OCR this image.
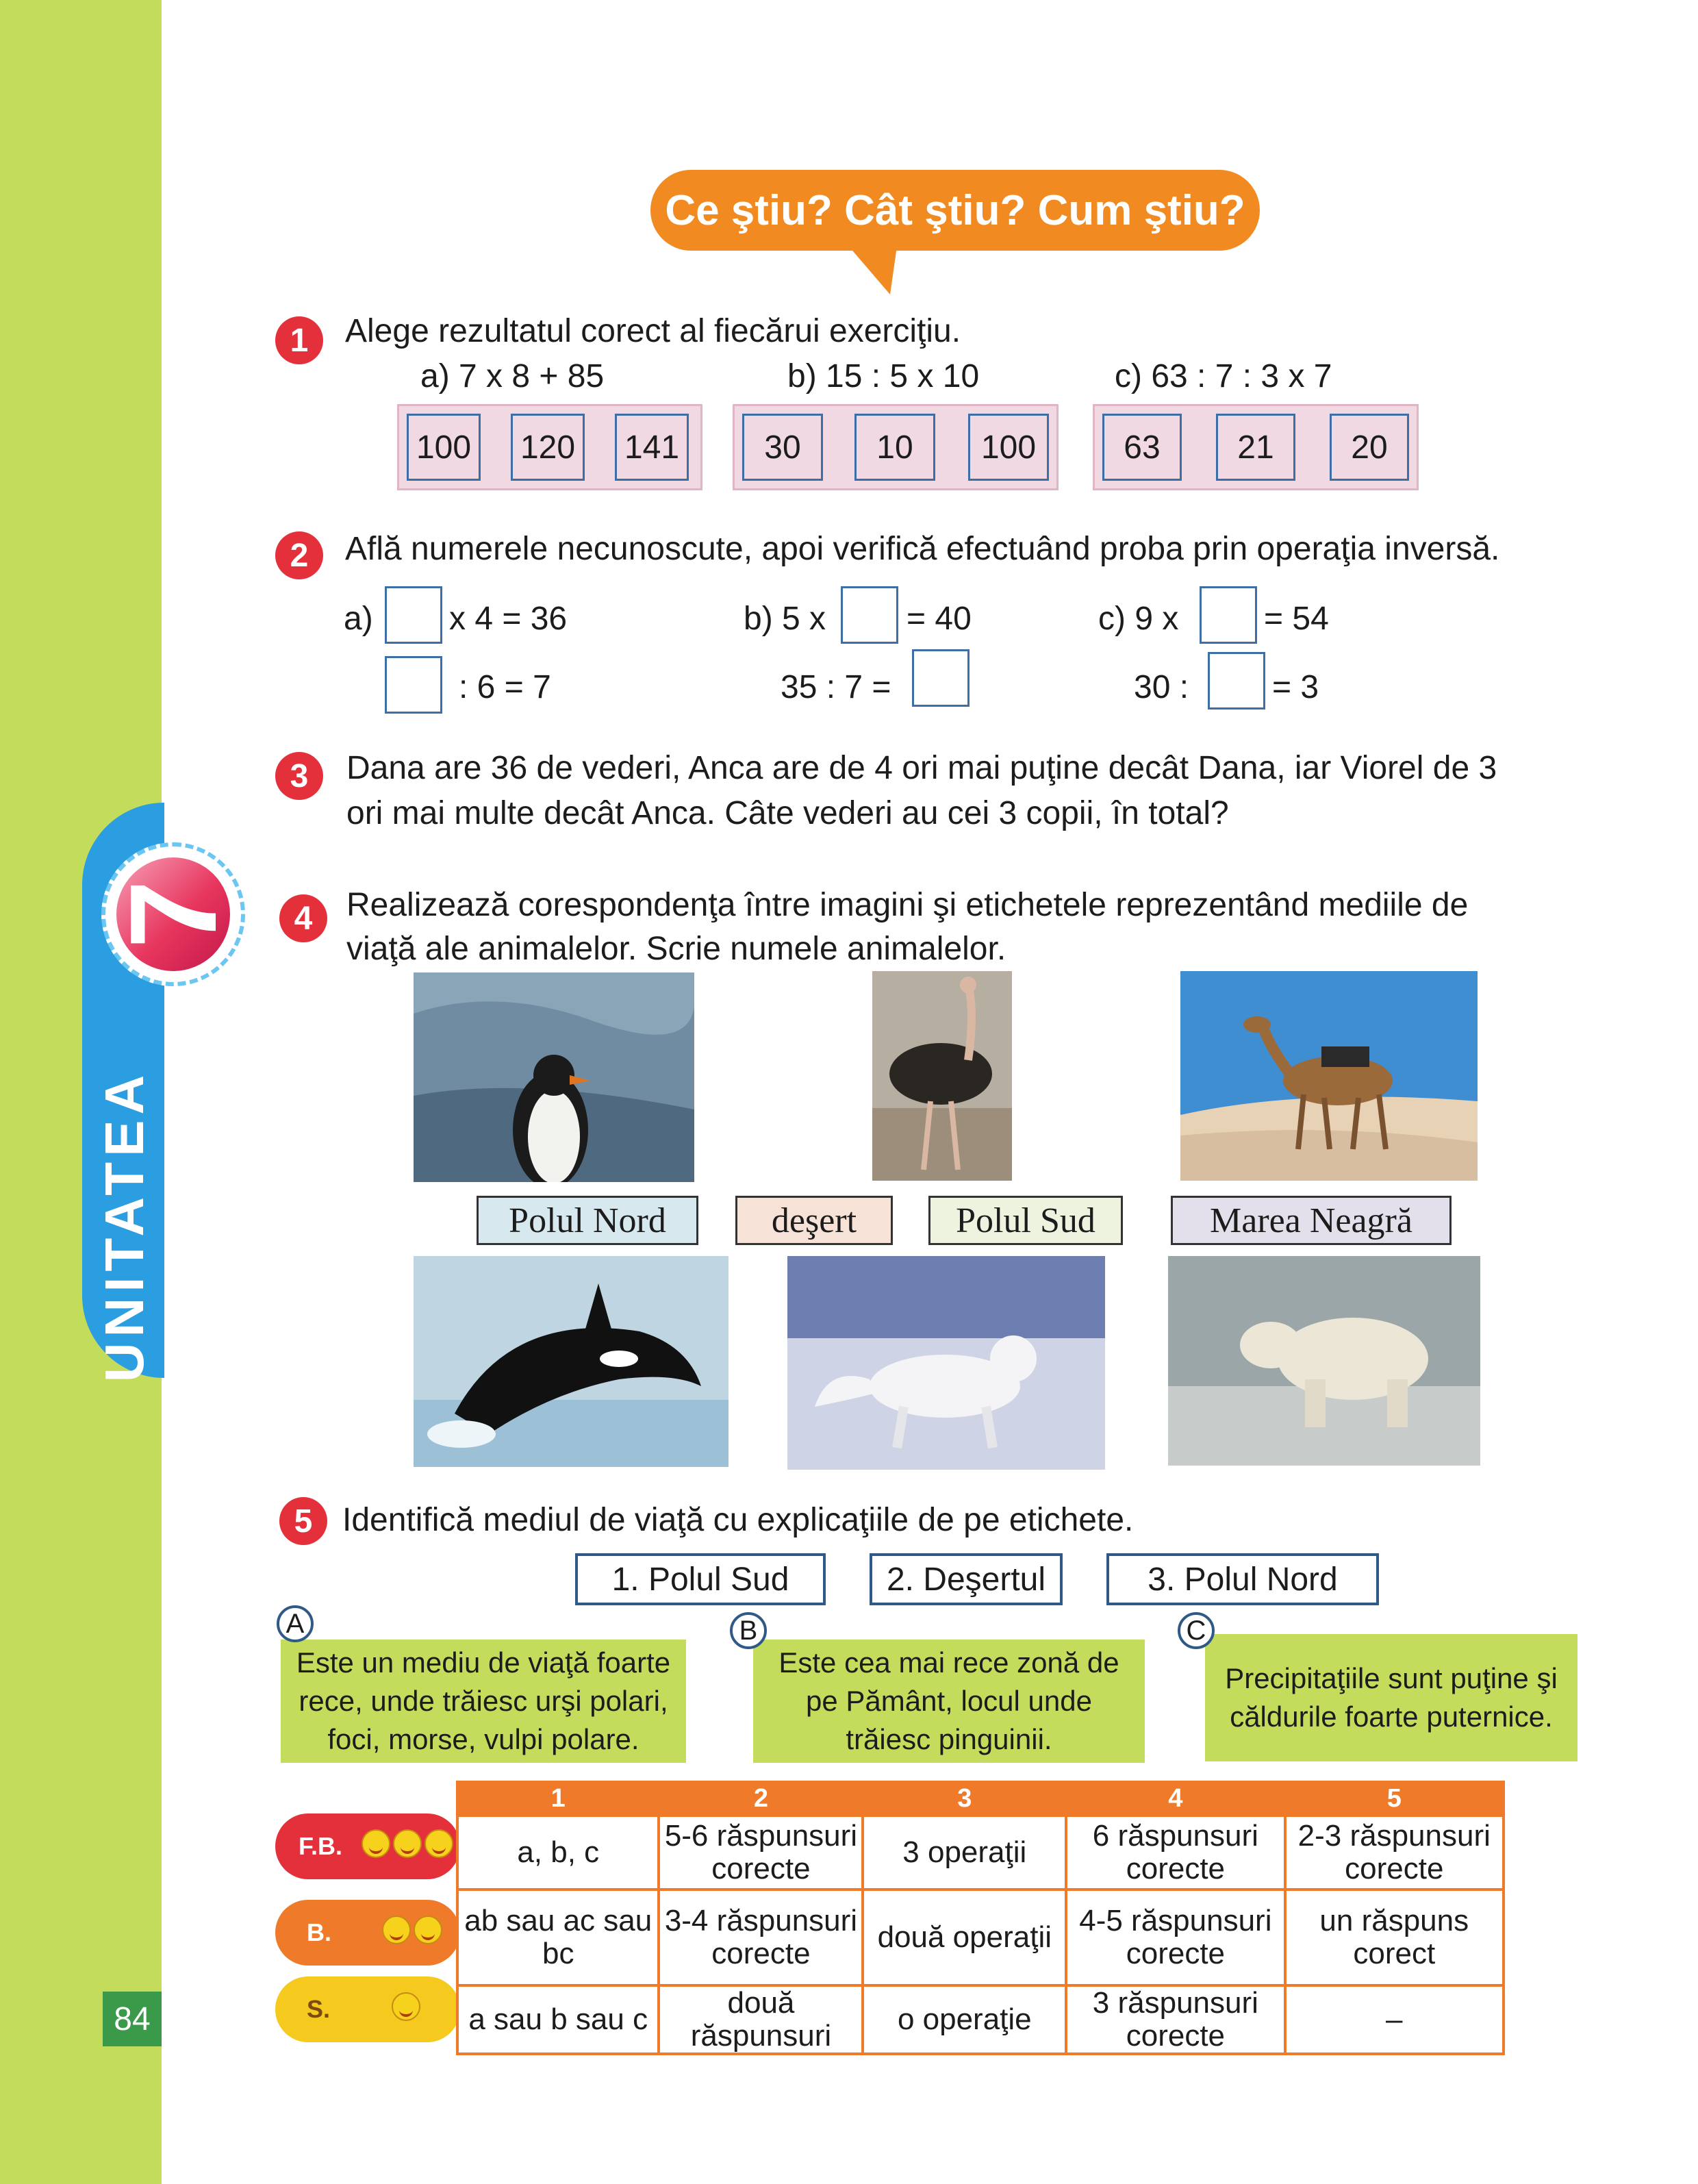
UNITATEA
7
84
Ce ştiu? Cât ştiu? Cum ştiu?
1	Alege rezultatul corect al fiecărui exerciţiu.
a) 7 x 8 + 85	b) 15 : 5 x 10	c) 63 : 7 : 3 x 7
100 120 141	30	10	100	63	21	20
2	Află numerele necunoscute, apoi verifică efectuând proba prin operaţia inversă.
a) x 4 = 36
: 6 = 7
b) 5 x = 40
35 : 7 =
c) 9 x	= 54
30 :	= 3
3	Dana are 36 de vederi, Anca are de 4 ori mai puţine decât Dana, iar Viorel de 3
ori mai multe decât Anca. Câte vederi au cei 3 copii, în total?
4	Realizează corespondenţa între imagini şi etichetele reprezentând mediile de
viaţă ale animalelor. Scrie numele animalelor.
Polul Nord	deşert	Polul Sud	Marea Neagră
5 Identifică mediul de viaţă cu explicaţiile de pe etichete.
1. Polul Sud	2. Deşertul	3. Polul Nord
Este un mediu de viaţă foarte rece, unde trăiesc urşi polari, foci, morse, vulpi polare.
A
Este cea mai rece zonă de pe Pământ, locul unde trăiesc pinguinii.
B
Precipitaţiile sunt puţine şi căldurile foarte puternice.
C
F.B.
B.
S.
1	2	3	4	5
a, b, c	5-6 răspunsuri corecte	3 operaţii	6 răspunsuri corecte	2-3 răspunsuri corecte
ab sau ac sau bc	3-4 răspunsuri corecte	două operaţii	4-5 răspunsuri corecte	un răspuns corect
a sau b sau c	două răspunsuri	o operaţie	3 răspunsuri corecte	–
